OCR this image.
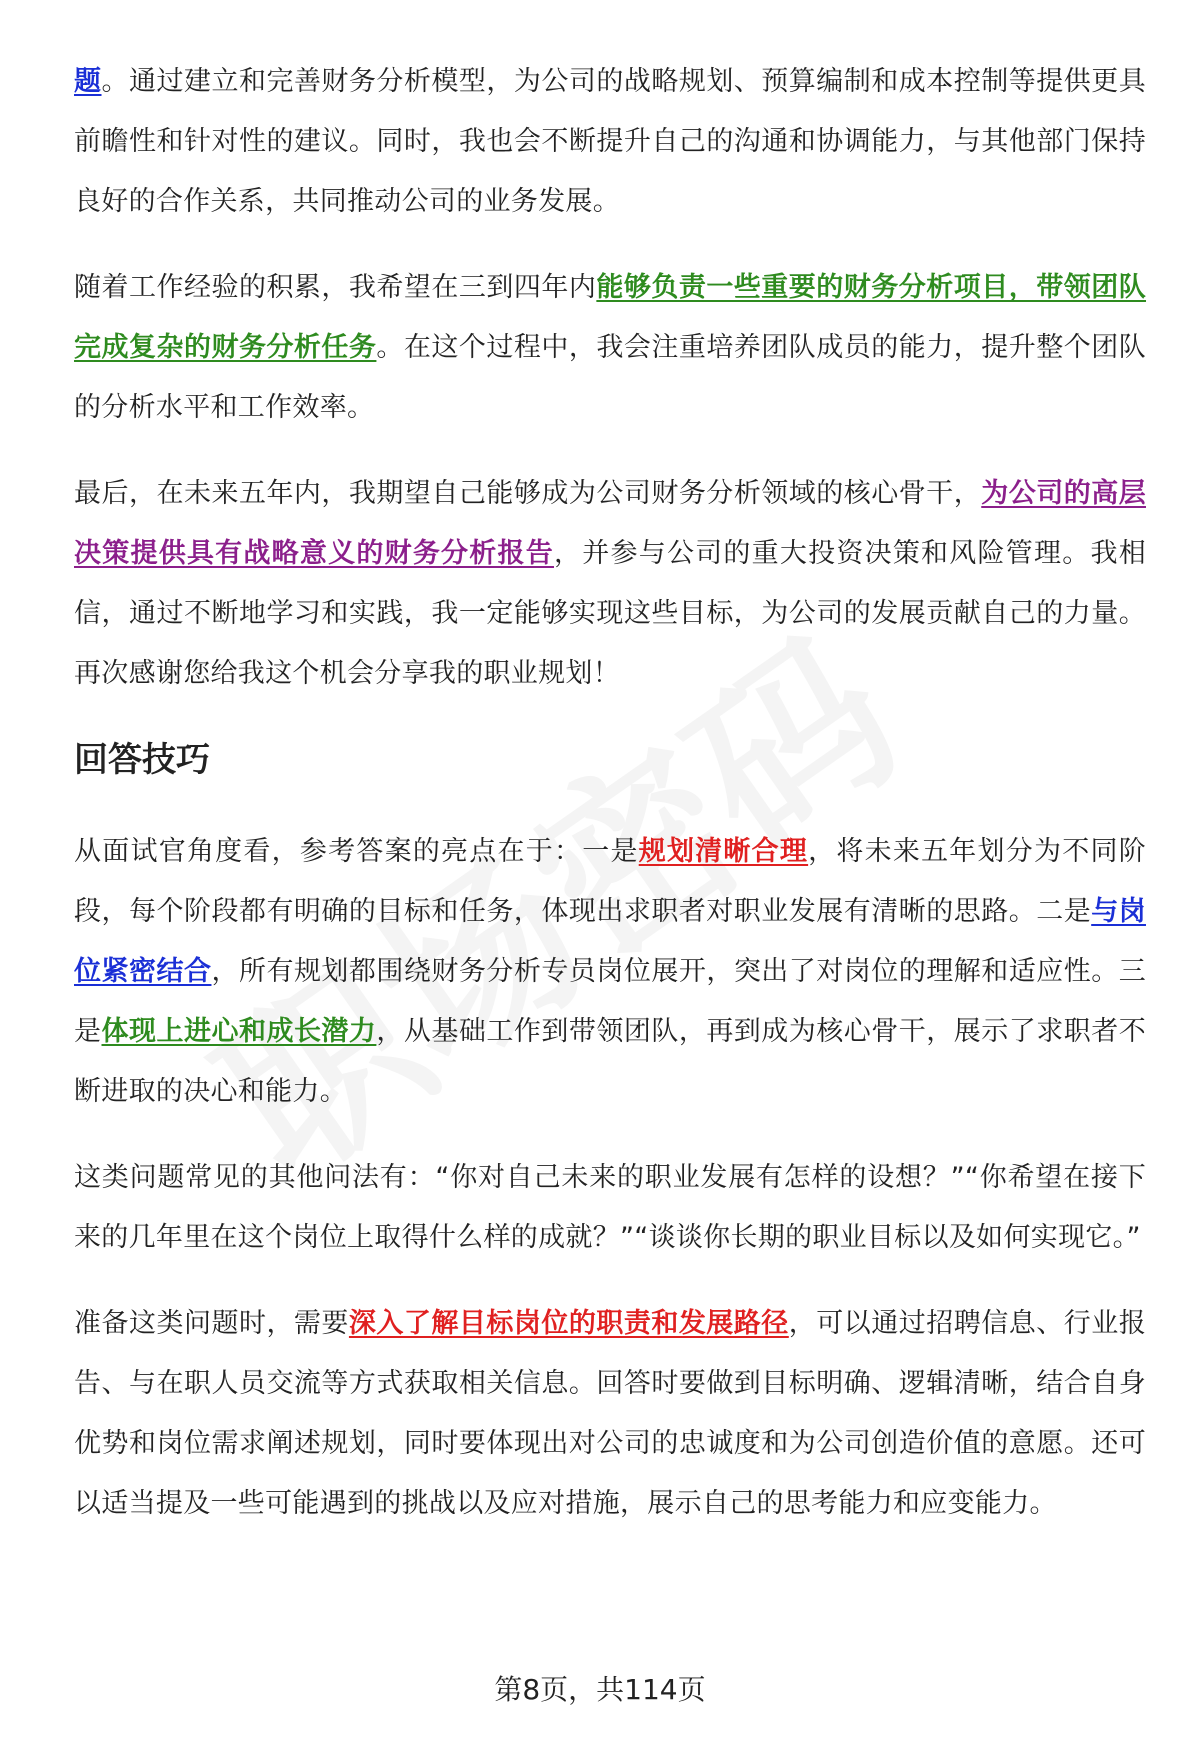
题。通过建立和完善财务分析模型，为公司的战略规划、预算编制和成本控制等提供更具前瞻性和针对性的建议。同时，我也会不断提升自己的沟通和协调能力，与其他部门保持良好的合作关系，共同推动公司的业务发展。

随着工作经验的积累，我希望在三到四年内能够负责一些重要的财务分析项目，带领团队完成复杂的财务分析任务。在这个过程中，我会注重培养团队成员的能力，提升整个团队的分析水平和工作效率。

最后，在未来五年内，我期望自己能够成为公司财务分析领域的核心骨干，为公司的高层决策提供具有战略意义的财务分析报告，并参与公司的重大投资决策和风险管理。我相信，通过不断地学习和实践，我一定能够实现这些目标，为公司的发展贡献自己的力量。再次感谢您给我这个机会分享我的职业规划！

回答技巧

从面试官角度看，参考答案的亮点在于：一是规划清晰合理，将未来五年划分为不同阶段，每个阶段都有明确的目标和任务，体现出求职者对职业发展有清晰的思路。二是与岗位紧密结合，所有规划都围绕财务分析专员岗位展开，突出了对岗位的理解和适应性。三是体现上进心和成长潜力，从基础工作到带领团队，再到成为核心骨干，展示了求职者不断进取的决心和能力。

这类问题常见的其他问法有：“你对自己未来的职业发展有怎样的设想？”“你希望在接下来的几年里在这个岗位上取得什么样的成就？”“谈谈你长期的职业目标以及如何实现它。”

准备这类问题时，需要深入了解目标岗位的职责和发展路径，可以通过招聘信息、行业报告、与在职人员交流等方式获取相关信息。回答时要做到目标明确、逻辑清晰，结合自身优势和岗位需求阐述规划，同时要体现出对公司的忠诚度和为公司创造价值的意愿。还可以适当提及一些可能遇到的挑战以及应对措施，展示自己的思考能力和应变能力。

第8页，共114页
